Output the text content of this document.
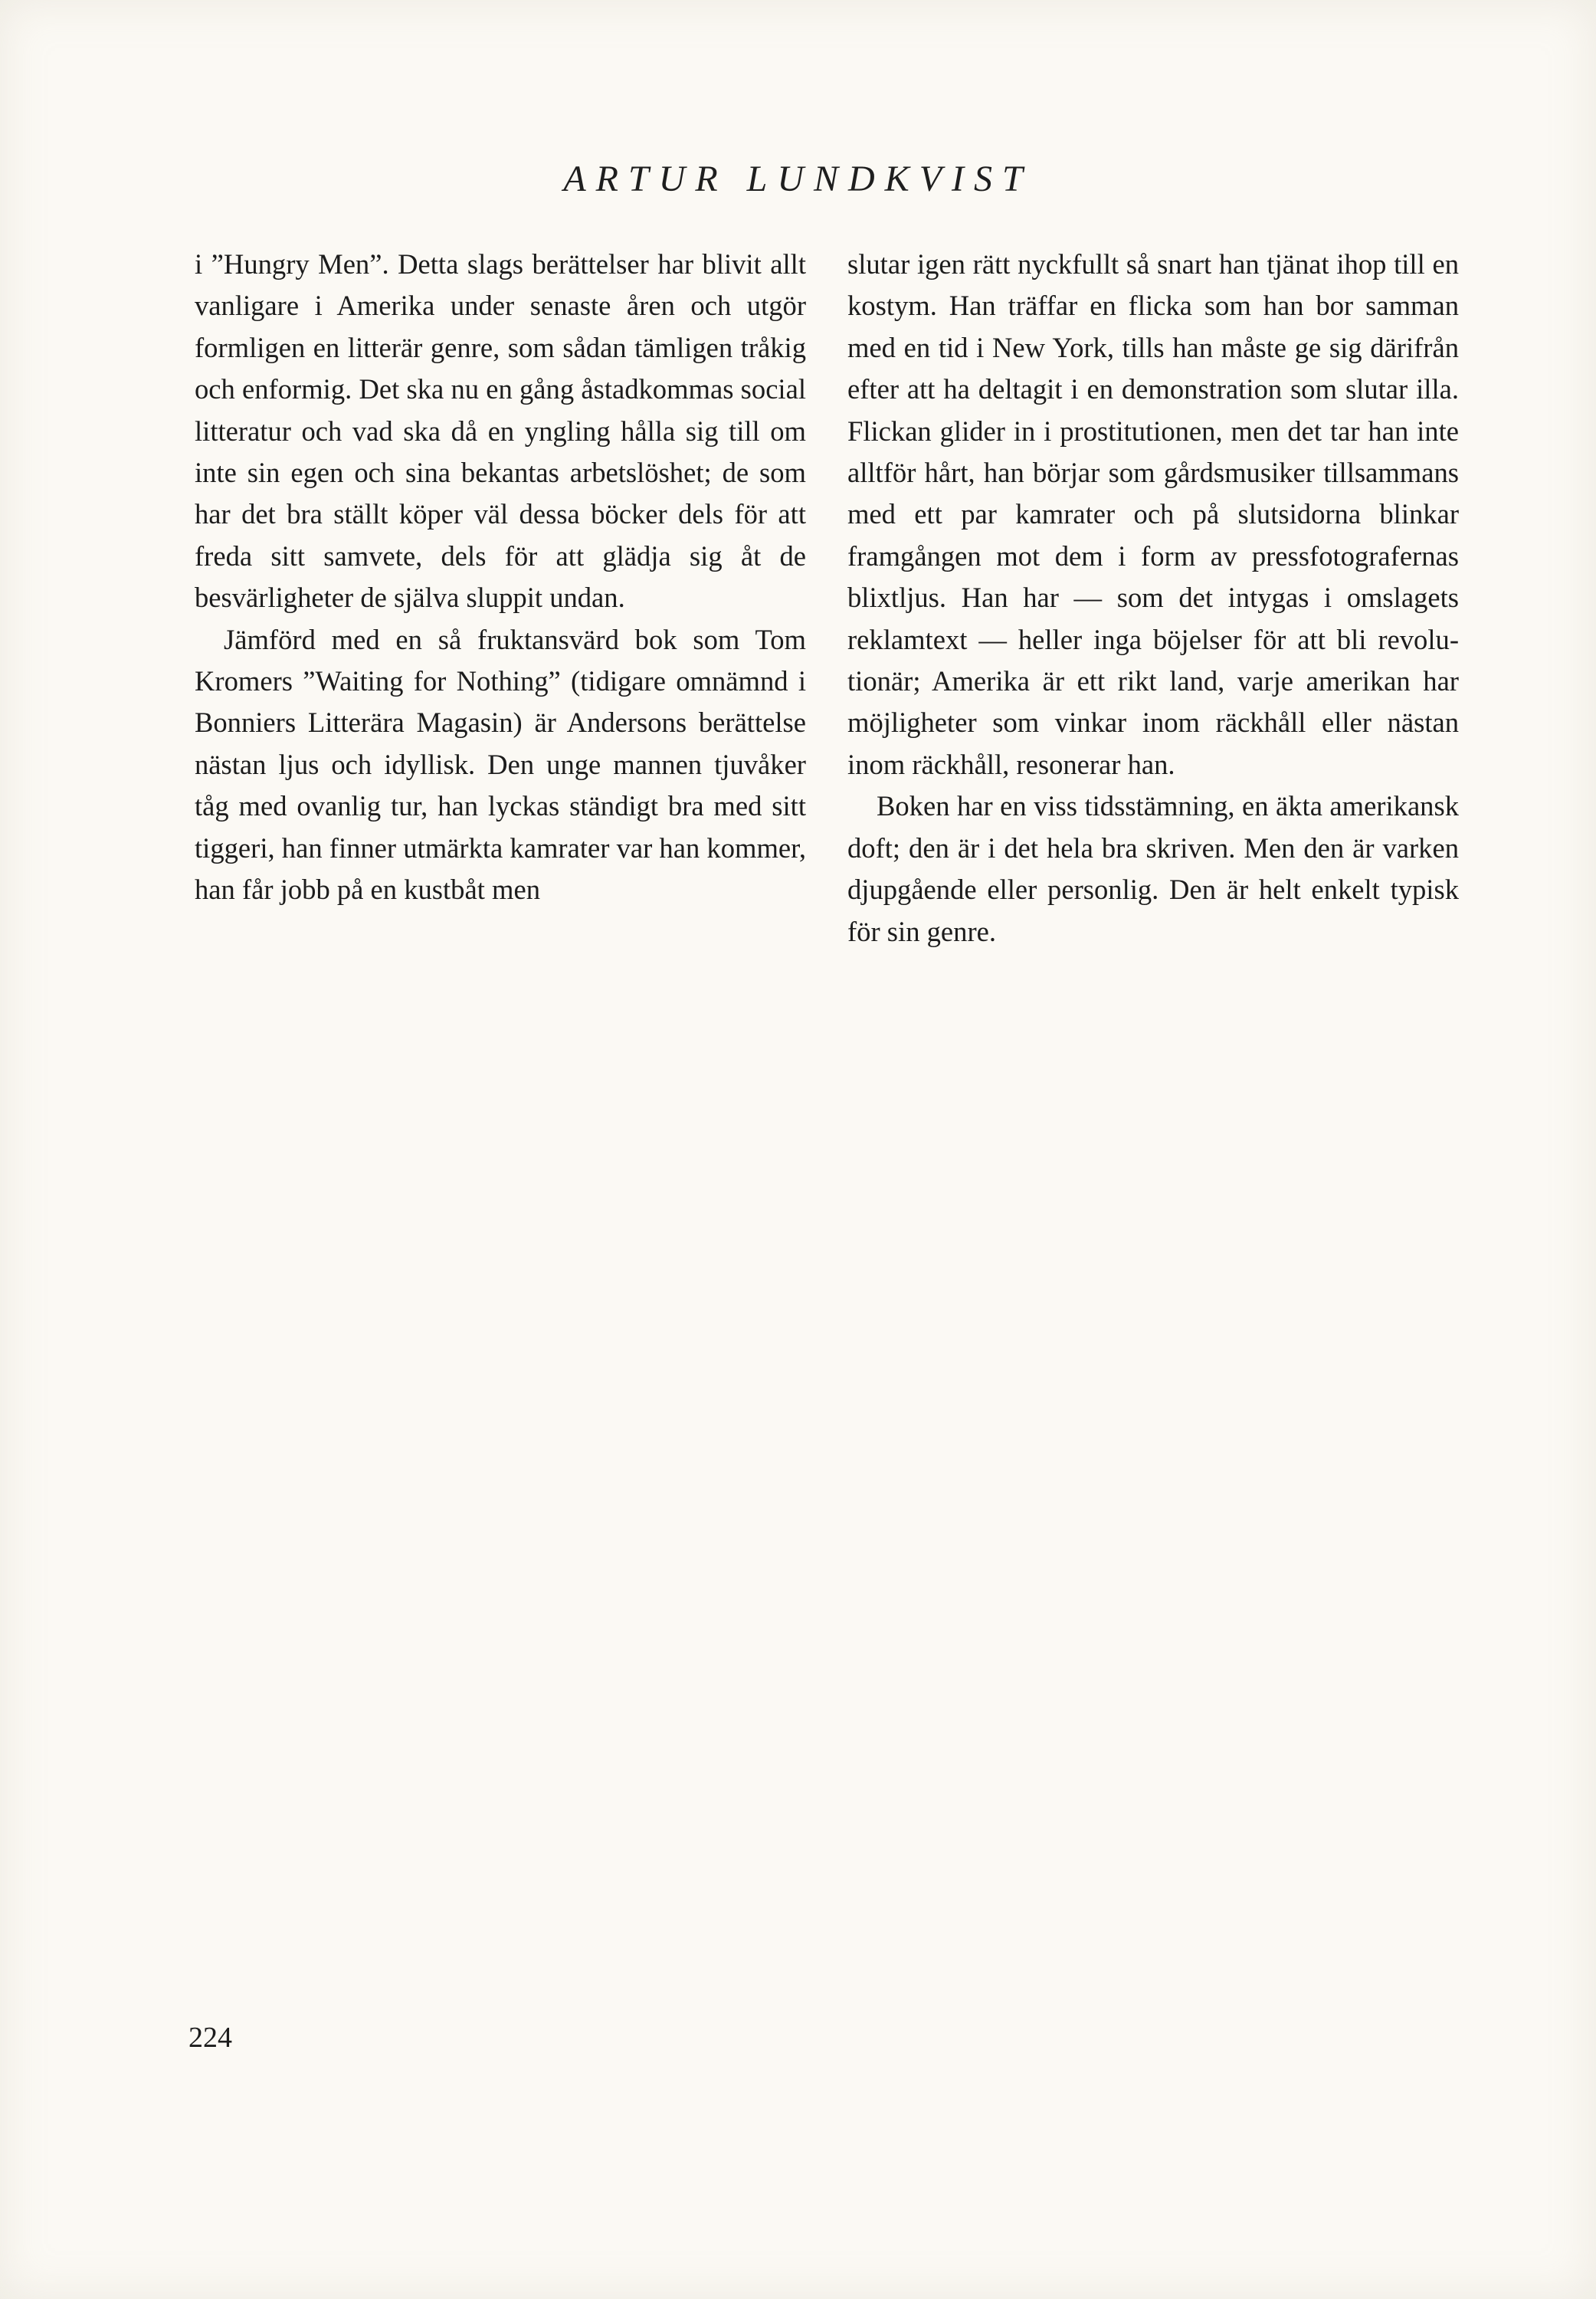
ARTUR LUNDKVIST

i ”Hungry Men”. Detta slags berättelser har blivit allt vanligare i Amerika under senaste åren och utgör formligen en litterär genre, som sådan tämligen tråkig och enformig. Det ska nu en gång åstadkommas social litteratur och vad ska då en yngling hålla sig till om inte sin egen och sina bekantas arbetslöshet; de som har det bra ställt köper väl dessa böcker dels för att freda sitt samvete, dels för att glädja sig åt de besvärligheter de själva sluppit undan.

Jämförd med en så fruktansvärd bok som Tom Kromers ”Waiting for Nothing” (tidigare omnämnd i Bonniers Litterära Magasin) är Andersons berättelse nästan ljus och idyllisk. Den unge mannen tjuvåker tåg med ovanlig tur, han lyckas ständigt bra med sitt tiggeri, han finner utmärkta kamrater var han kommer, han får jobb på en kustbåt men

slutar igen rätt nyckfullt så snart han tjänat ihop till en kostym. Han träffar en flicka som han bor samman med en tid i New York, tills han måste ge sig därifrån efter att ha deltagit i en demonstration som slutar illa. Flickan glider in i prostitutionen, men det tar han inte alltför hårt, han börjar som gårdsmusiker tillsammans med ett par kamrater och på slutsidorna blinkar framgången mot dem i form av pressfotografernas blixtljus. Han har — som det intygas i omslagets reklamtext — heller inga böjelser för att bli revolutionär; Amerika är ett rikt land, varje amerikan har möjligheter som vinkar inom räckhåll eller nästan inom räckhåll, resonerar han.

Boken har en viss tidsstämning, en äkta amerikansk doft; den är i det hela bra skriven. Men den är varken djupgående eller personlig. Den är helt enkelt typisk för sin genre.

224
